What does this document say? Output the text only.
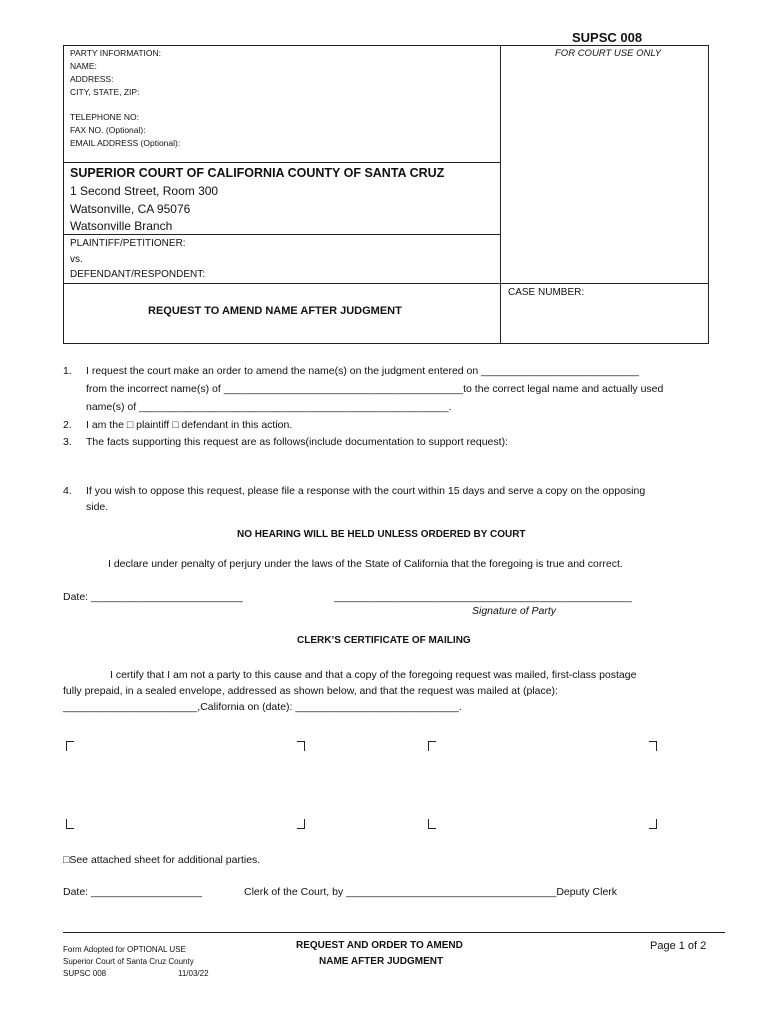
SUPSC 008
FOR COURT USE ONLY
PARTY INFORMATION:
NAME:
ADDRESS:
CITY, STATE, ZIP:
TELEPHONE NO:
FAX NO. (Optional):
EMAIL ADDRESS (Optional):
SUPERIOR COURT OF CALIFORNIA COUNTY OF SANTA CRUZ
1 Second Street, Room 300
Watsonville, CA 95076
Watsonville Branch
PLAINTIFF/PETITIONER:
vs.
DEFENDANT/RESPONDENT:
CASE NUMBER:
REQUEST TO AMEND NAME AFTER JUDGMENT
1. I request the court make an order to amend the name(s) on the judgment entered on ___________________________
from the incorrect name(s) of _________________________________________to the correct legal name and actually used
name(s) of _____________________________________________________.
2. I am the □ plaintiff □ defendant in this action.
3. The facts supporting this request are as follows(include documentation to support request):
4. If you wish to oppose this request, please file a response with the court within 15 days and serve a copy on the opposing
side.
NO HEARING WILL BE HELD UNLESS ORDERED BY COURT
I declare under penalty of perjury under the laws of the State of California that the foregoing is true and correct.
Date: __________________________	___________________________________________________
Signature of Party
CLERK’S CERTIFICATE OF MAILING
I certify that I am not a party to this cause and that a copy of the foregoing request was mailed, first-class postage
fully prepaid, in a sealed envelope, addressed as shown below, and that the request was mailed at (place):
_______________________,California on (date): ____________________________.
□See attached sheet for additional parties.
Date: ___________________	Clerk of the Court, by ____________________________________Deputy Clerk
Form Adopted for OPTIONAL USE
Superior Court of Santa Cruz County
SUPSC 008	11/03/22
REQUEST AND ORDER TO AMEND
NAME AFTER JUDGMENT
Page 1 of 2
